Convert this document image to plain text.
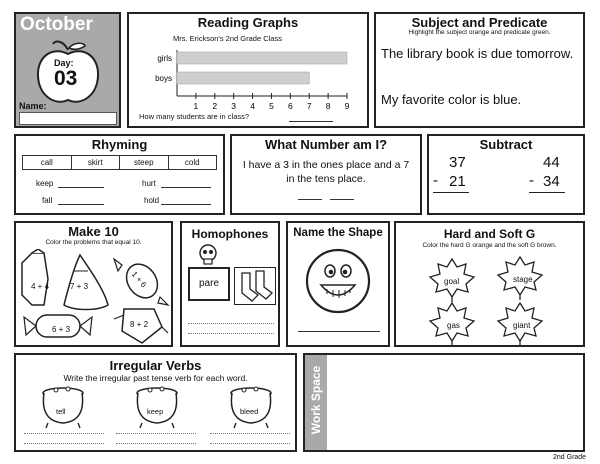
October
Day:
03
Name:
Reading Graphs
Mrs. Erickson's 2nd Grade Class
girls
boys
1 2 3 4 5 6 7 8 9
How many students are in class?
Subject and Predicate
Highlight the subject orange and predicate green.
The library book is due tomorrow.
My favorite color is blue.
Rhyming
call	skirt	steep	cold
keep	hurt
fall	hold
What Number am I?
I have a 3 in the ones place and a 7 in the tens place.
Subtract
37
- 21
44
- 34
Make 10
Color the problems that equal 10.
4 + 4	7 + 3	1 + 6
6 + 3
8 + 2
Homophones
pare
Name the Shape	Hard and Soft G
Color the hard G orange and the soft G brown.
goal	stage
gas	giant
Irregular Verbs
Write the irregular past tense verb for each word.
tell	keep	bleed	Work Space
2nd Grade
